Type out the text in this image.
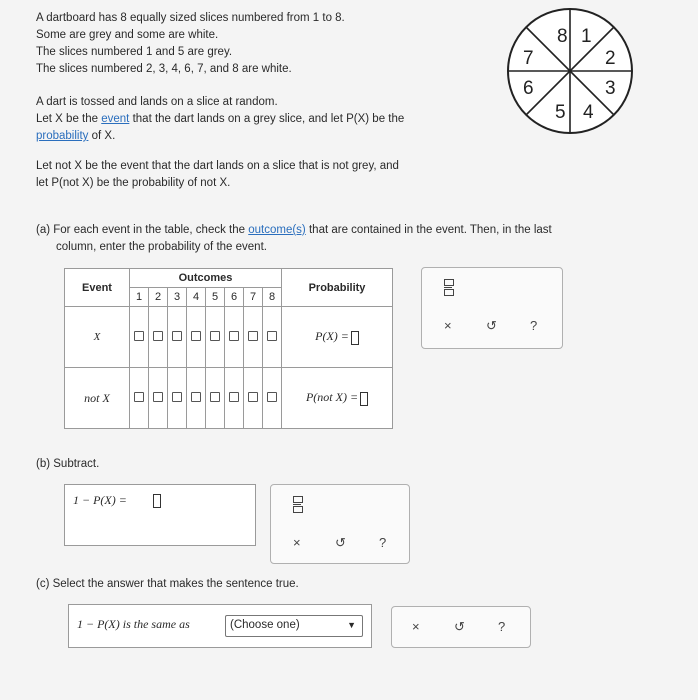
A dartboard has 8 equally sized slices numbered from 1 to 8.
Some are grey and some are white.
The slices numbered 1 and 5 are grey.
The slices numbered 2, 3, 4, 6, 7, and 8 are white.
A dart is tossed and lands on a slice at random.
Let X be the event that the dart lands on a grey slice, and let P(X) be the
probability of X.
Let not X be the event that the dart lands on a slice that is not grey, and
let P(not X) be the probability of not X.
8 1
2
3
4
5
6
7
(a) For each event in the table, check the outcome(s) that are contained in the event. Then, in the last
column, enter the probability of the event.
Event	Outcomes								Probability
	1	2	3	4	5	6	7	8	
X									P(X) =
not X									P(not X) =
×	↺	?
(b) Subtract.
1 − P(X) =
×	↺	?
(c) Select the answer that makes the sentence true.
1 − P(X) is the same as	(Choose one)	▼	×	↺	?
